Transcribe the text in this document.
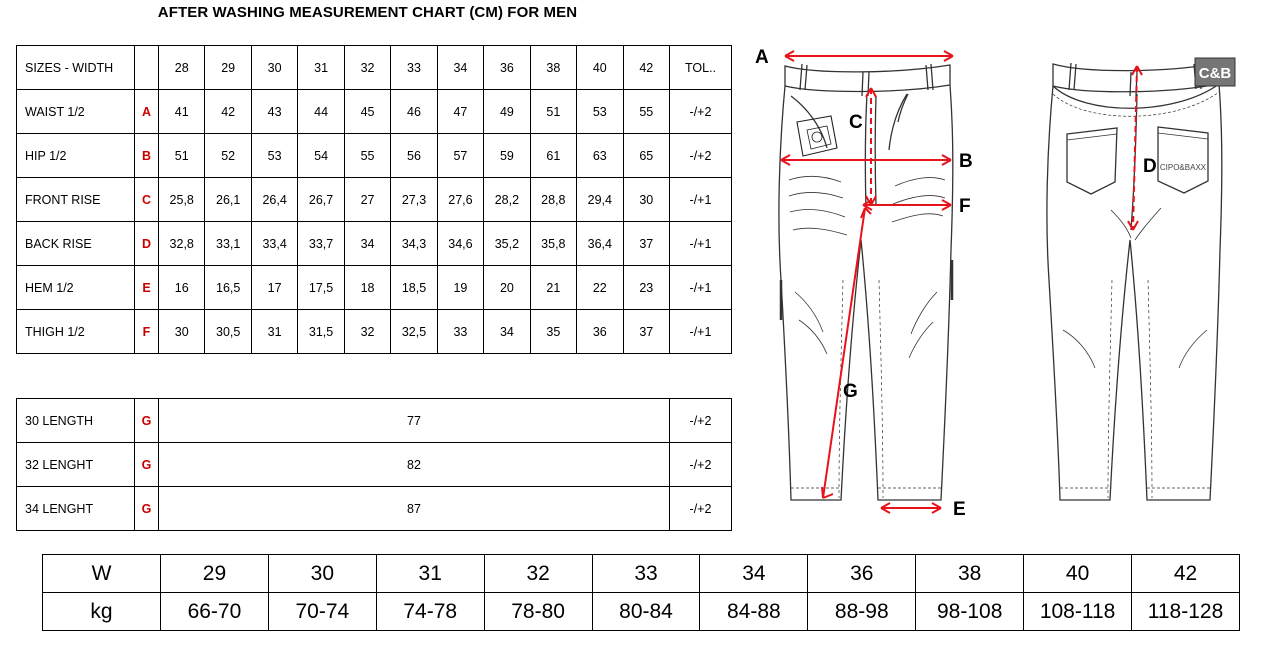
AFTER WASHING MEASUREMENT CHART (CM) FOR MEN
SIZES - WIDTH		28	29	30	31	32	33	34	36	38	40	42	TOL..
WAIST 1/2	A	41	42	43	44	45	46	47	49	51	53	55	-/+2
HIP 1/2	B	51	52	53	54	55	56	57	59	61	63	65	-/+2
FRONT RISE	C	25,8	26,1	26,4	26,7	27	27,3	27,6	28,2	28,8	29,4	30	-/+1
BACK RISE	D	32,8	33,1	33,4	33,7	34	34,3	34,6	35,2	35,8	36,4	37	-/+1
HEM 1/2	E	16	16,5	17	17,5	18	18,5	19	20	21	22	23	-/+1
THIGH 1/2	F	30	30,5	31	31,5	32	32,5	33	34	35	36	37	-/+1
30 LENGTH	G	77	-/+2
32 LENGHT	G	82	-/+2
34 LENGHT	G	87	-/+2
W	29	30	31	32	33	34	36	38	40	42
kg	66-70	70-74	74-78	78-80	80-84	84-88	88-98	98-108	108-118	118-128
A
C
B
F
G
E
C&B
CIPO&BAXX
D
